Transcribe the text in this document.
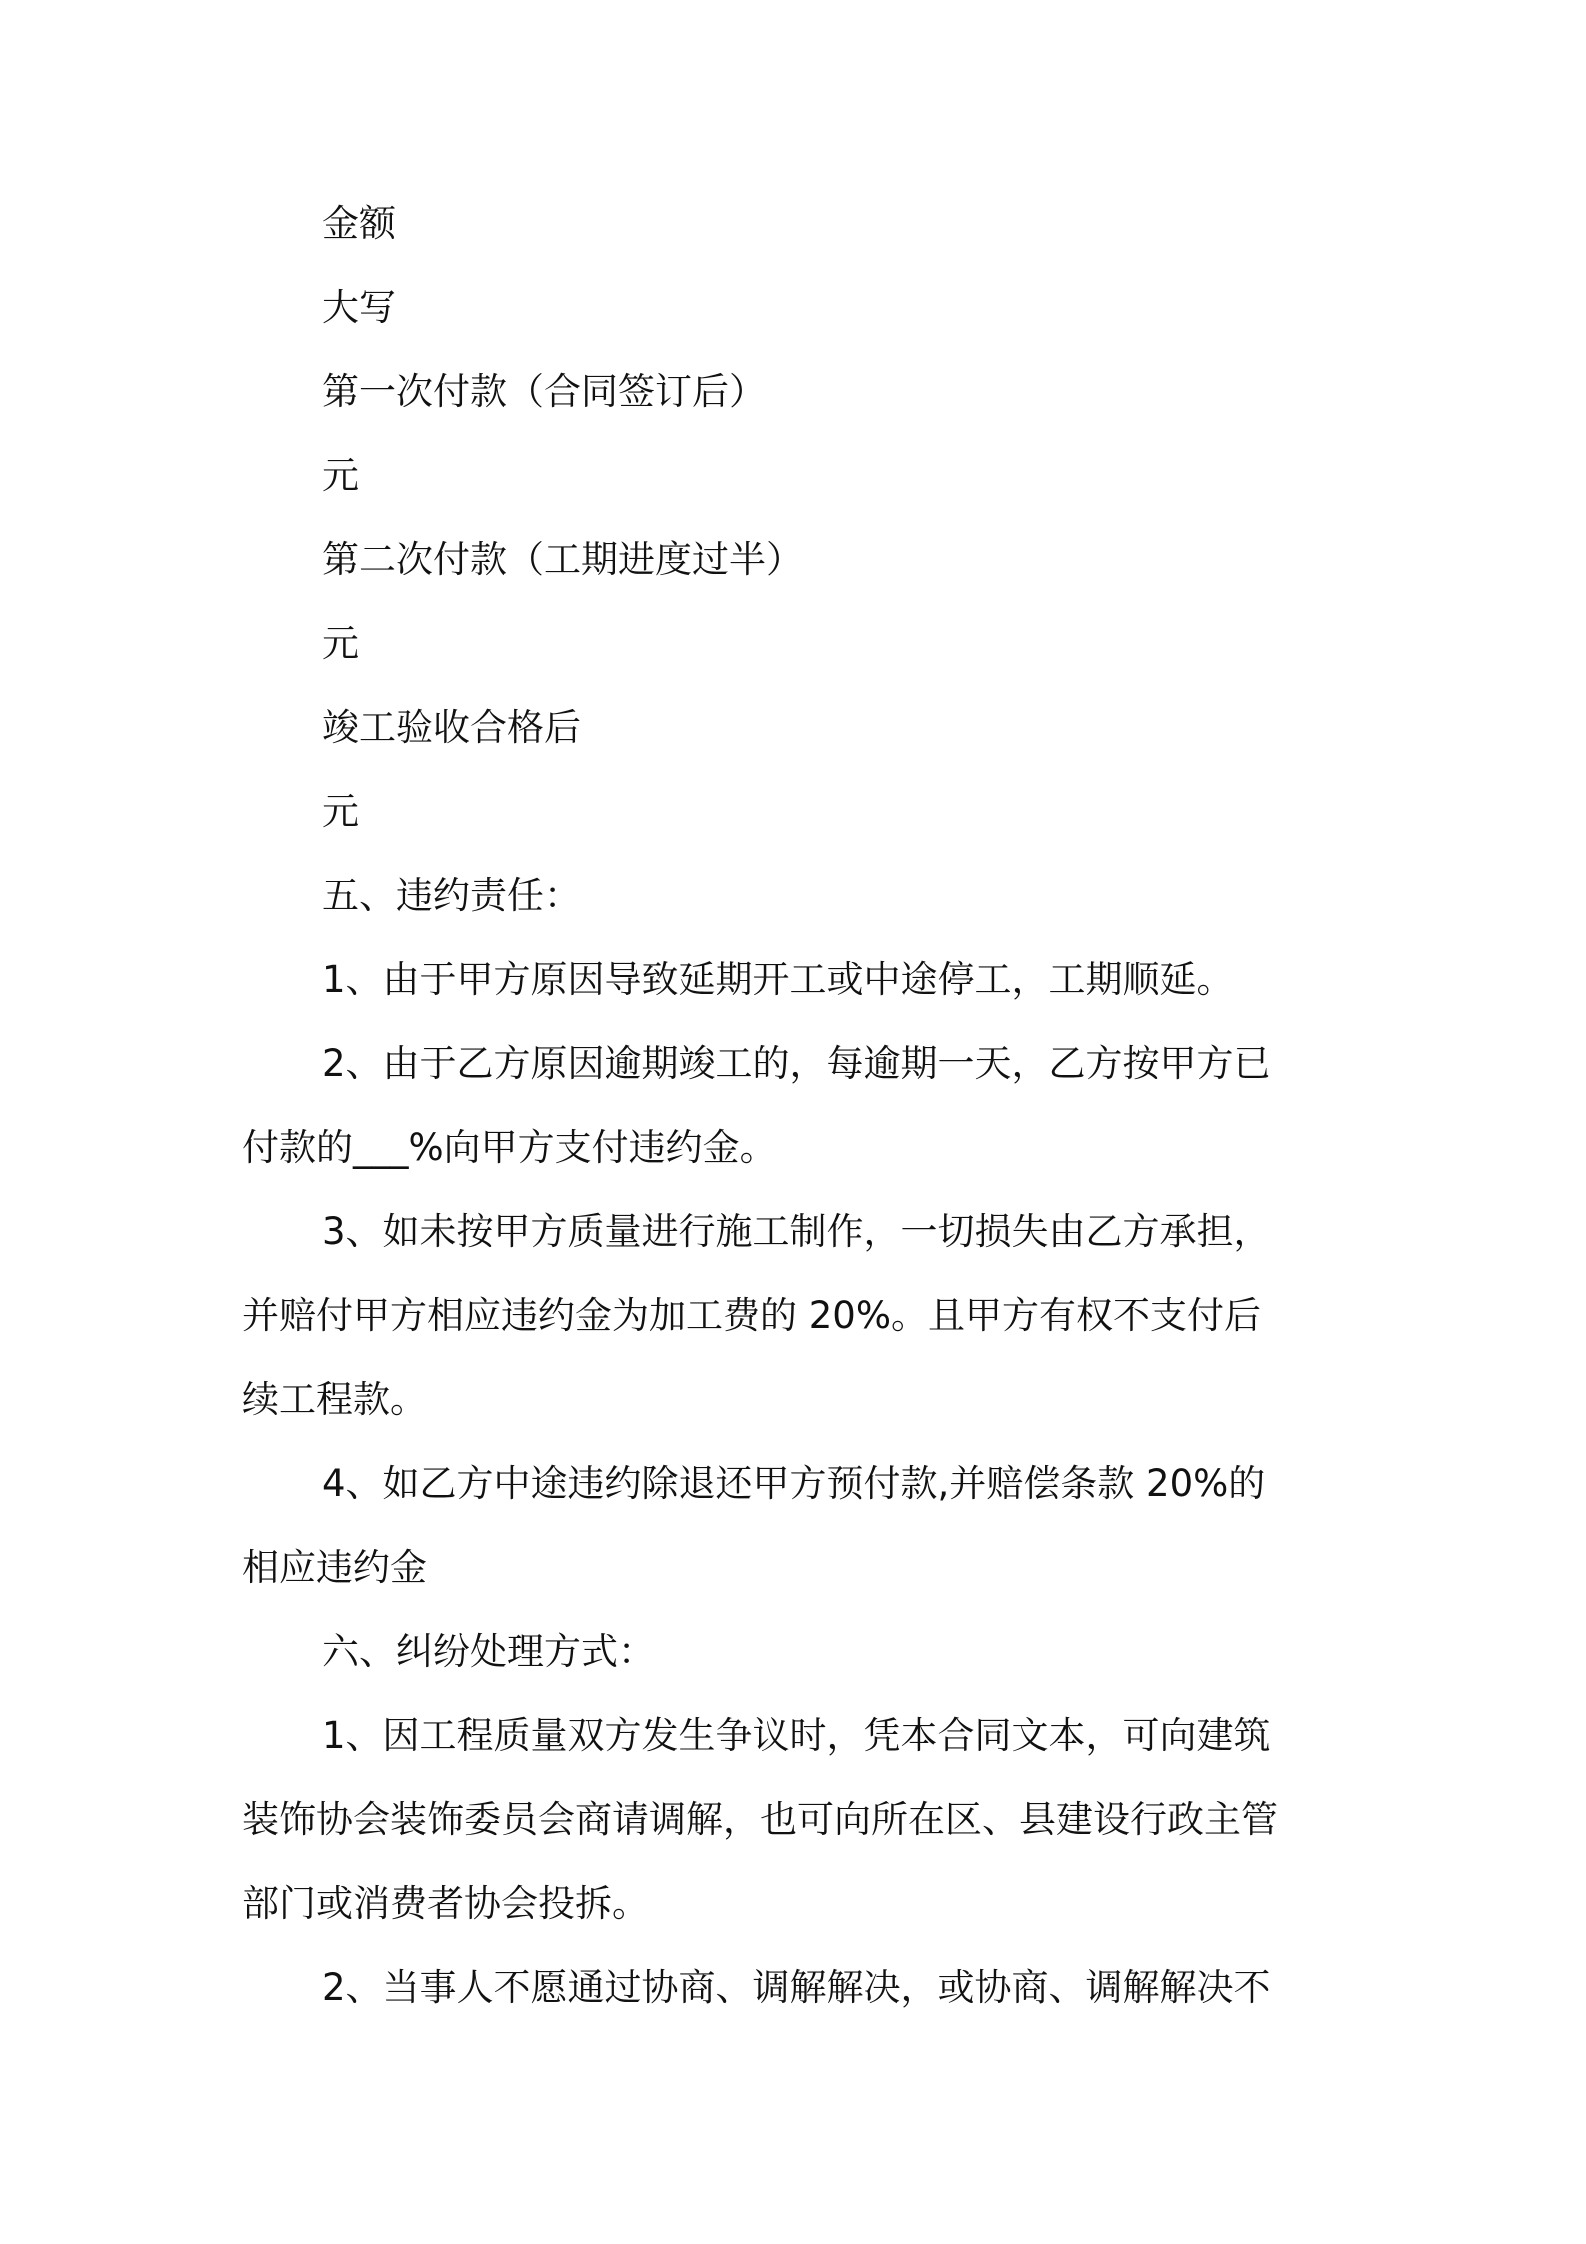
金额
大写
第一次付款（合同签订后）
元
第二次付款（工期进度过半）
元
竣工验收合格后
元
五、违约责任：
1、由于甲方原因导致延期开工或中途停工，工期顺延。
2、由于乙方原因逾期竣工的，每逾期一天，乙方按甲方已
付款的___%向甲方支付违约金。
3、如未按甲方质量进行施工制作，一切损失由乙方承担，
并赔付甲方相应违约金为加工费的 20%。且甲方有权不支付后
续工程款。
4、如乙方中途违约除退还甲方预付款,并赔偿条款 20%的
相应违约金
六、纠纷处理方式：
1、因工程质量双方发生争议时，凭本合同文本，可向建筑
装饰协会装饰委员会商请调解，也可向所在区、县建设行政主管
部门或消费者协会投拆。
2、当事人不愿通过协商、调解解决，或协商、调解解决不
